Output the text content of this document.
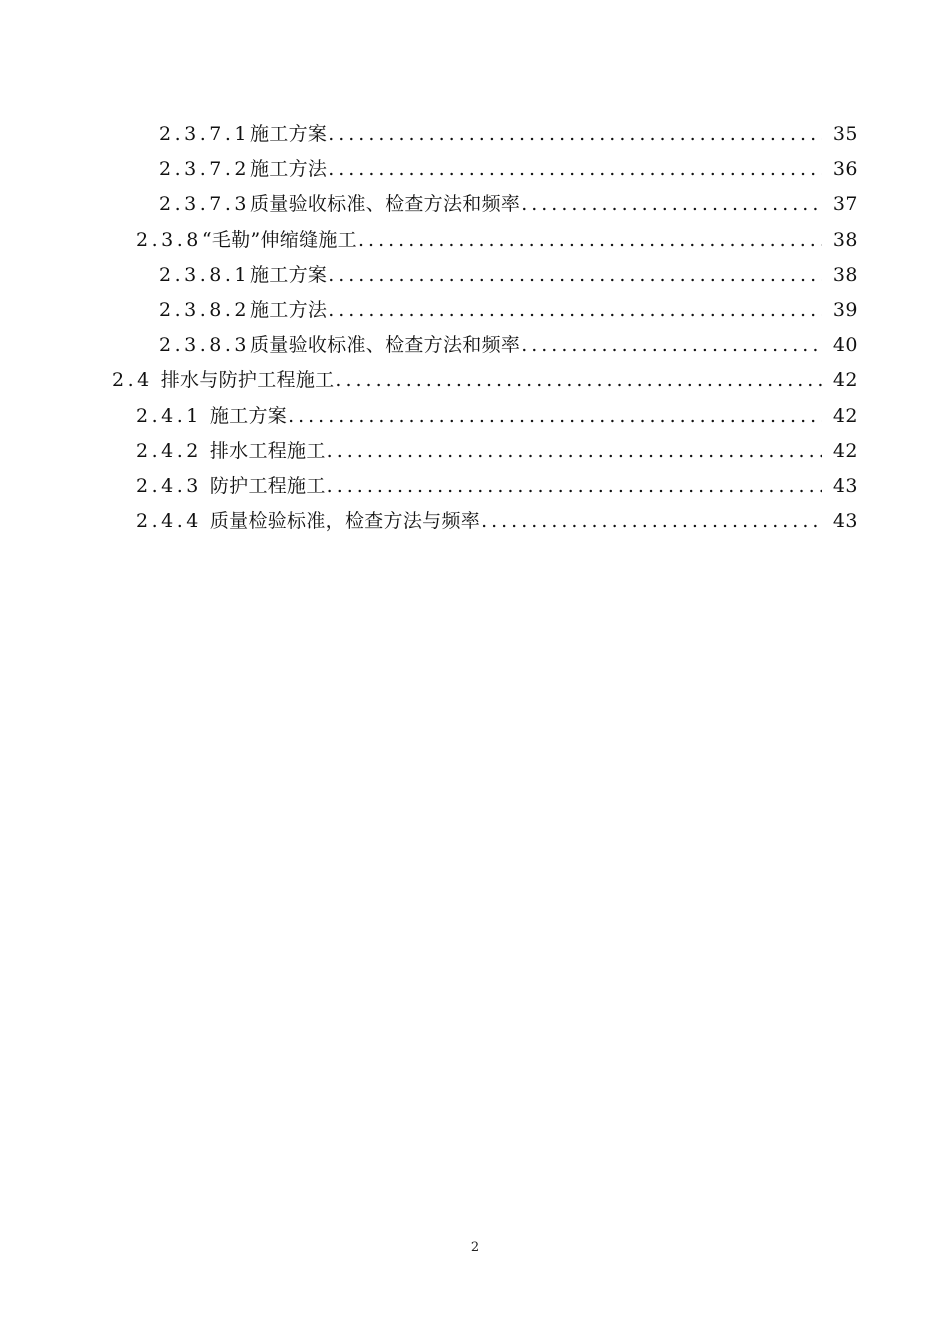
2.3.7.1 施工方案 .....	35
2.3.7.2 施工方法 .....	36
2.3.7.3 质量验收标准、检查方法和频率 .....	37
2.3.8 “毛勒”伸缩缝施工 .....	38
2.3.8.1 施工方案 .....	38
2.3.8.2 施工方法 .....	39
2.3.8.3 质量验收标准、检查方法和频率 .....	40
2.4 排水与防护工程施工 .....	42
2.4.1 施工方案 .....	42
2.4.2 排水工程施工 .....	42
2.4.3 防护工程施工 .....	43
2.4.4 质量检验标准，检查方法与频率 .....	43
2
